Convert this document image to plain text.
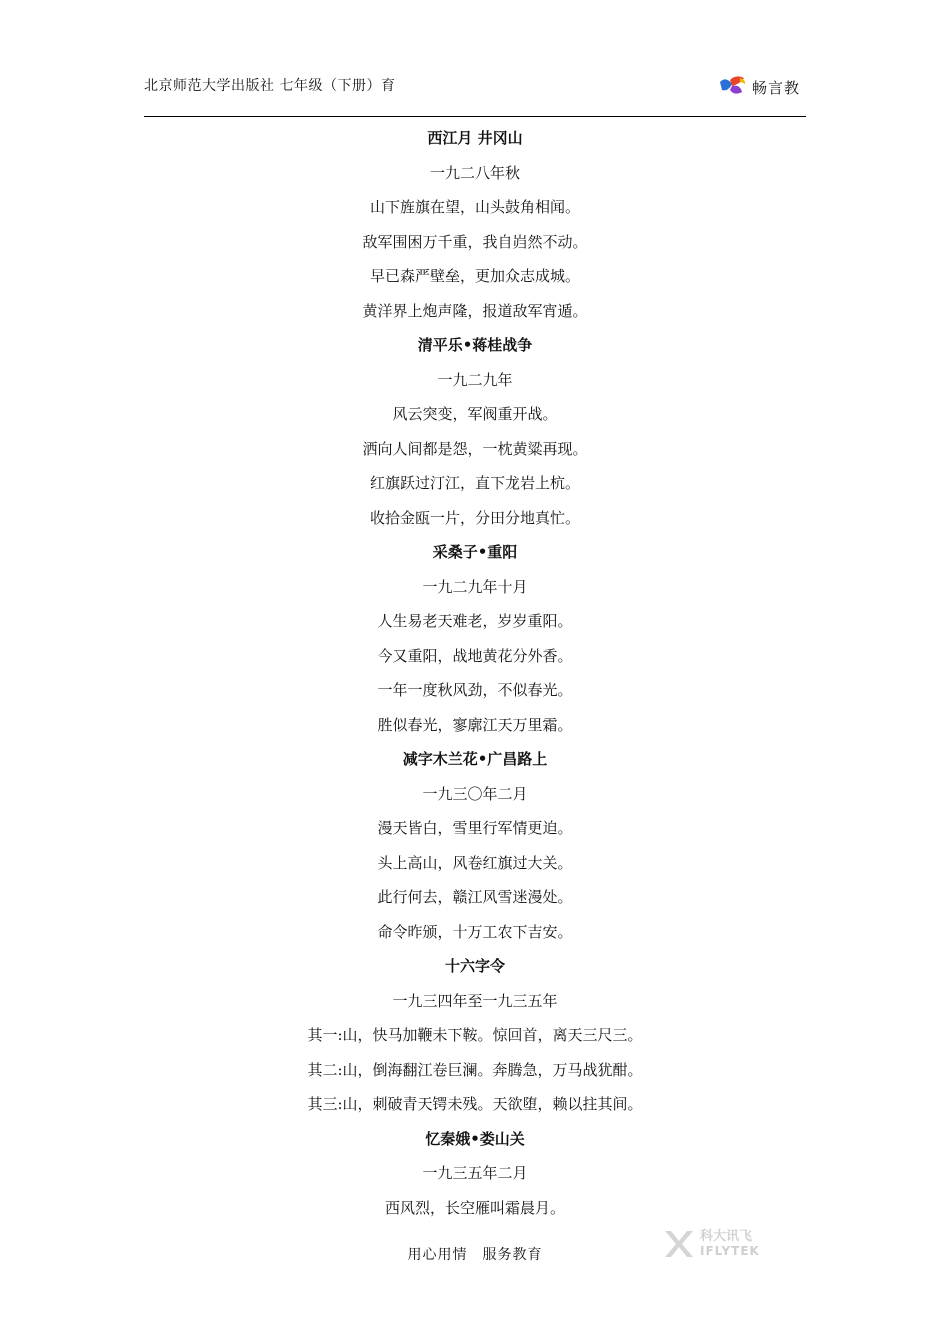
北京师范大学出版社 七年级（下册）育	畅言教
西江月 井冈山
一九二八年秋
山下旌旗在望，山头鼓角相闻。
敌军围困万千重，我自岿然不动。
早已森严壁垒，更加众志成城。
黄洋界上炮声隆，报道敌军宵遁。
清平乐•蒋桂战争
一九二九年
风云突变，军阀重开战。
洒向人间都是怨，一枕黄粱再现。
红旗跃过汀江，直下龙岩上杭。
收拾金瓯一片，分田分地真忙。
采桑子•重阳
一九二九年十月
人生易老天难老，岁岁重阳。
今又重阳，战地黄花分外香。
一年一度秋风劲，不似春光。
胜似春光，寥廓江天万里霜。
减字木兰花•广昌路上
一九三〇年二月
漫天皆白，雪里行军情更迫。
头上高山，风卷红旗过大关。
此行何去，赣江风雪迷漫处。
命令昨颁，十万工农下吉安。
十六字令
一九三四年至一九三五年
其一:山，快马加鞭未下鞍。惊回首，离天三尺三。
其二:山，倒海翻江卷巨澜。奔腾急，万马战犹酣。
其三:山，刺破青天锷未残。天欲堕，赖以拄其间。
忆秦娥•娄山关
一九三五年二月
西风烈，长空雁叫霜晨月。
用心用情　服务教育
科大讯飞
IFLYTEK
